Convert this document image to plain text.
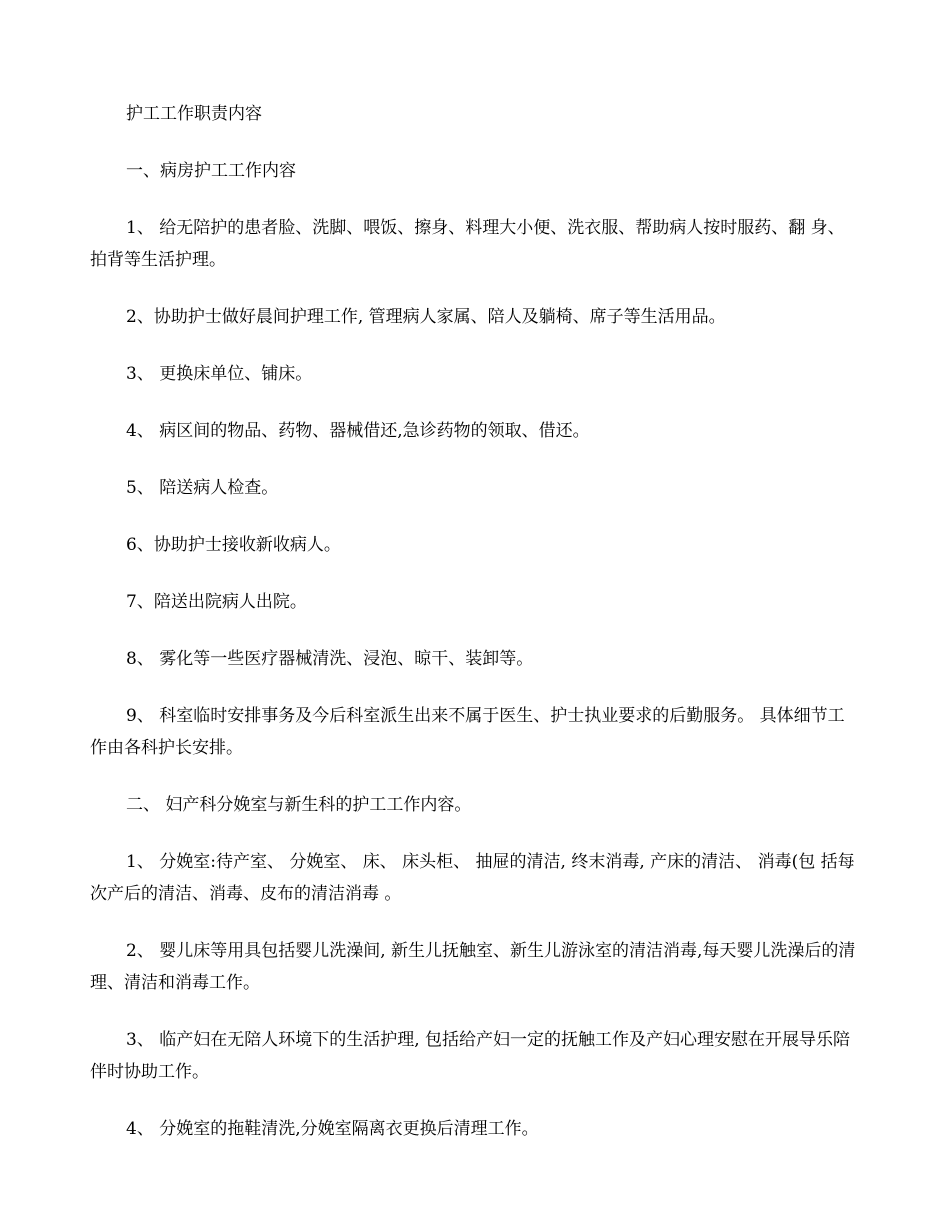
护工工作职责内容

一、病房护工工作内容

1、 给无陪护的患者脸、洗脚、喂饭、擦身、料理大小便、洗衣服、帮助病人按时服药、翻 身、拍背等生活护理。

2、协助护士做好晨间护理工作, 管理病人家属、陪人及躺椅、席子等生活用品。

3、 更换床单位、铺床。

4、 病区间的物品、药物、器械借还,急诊药物的领取、借还。

5、 陪送病人检查。

6、协助护士接收新收病人。

7、陪送出院病人出院。

8、 雾化等一些医疗器械清洗、浸泡、晾干、装卸等。

9、 科室临时安排事务及今后科室派生出来不属于医生、护士执业要求的后勤服务。 具体细节工作由各科护长安排。

二、 妇产科分娩室与新生科的护工工作内容。

1、 分娩室:待产室、 分娩室、 床、 床头柜、 抽屉的清洁, 终末消毒, 产床的清洁、 消毒(包 括每次产后的清洁、消毒、皮布的清洁消毒 。

2、 婴儿床等用具包括婴儿洗澡间, 新生儿抚触室、新生儿游泳室的清洁消毒,每天婴儿洗澡后的清理、清洁和消毒工作。

3、 临产妇在无陪人环境下的生活护理, 包括给产妇一定的抚触工作及产妇心理安慰在开展导乐陪伴时协助工作。

4、 分娩室的拖鞋清洗,分娩室隔离衣更换后清理工作。
